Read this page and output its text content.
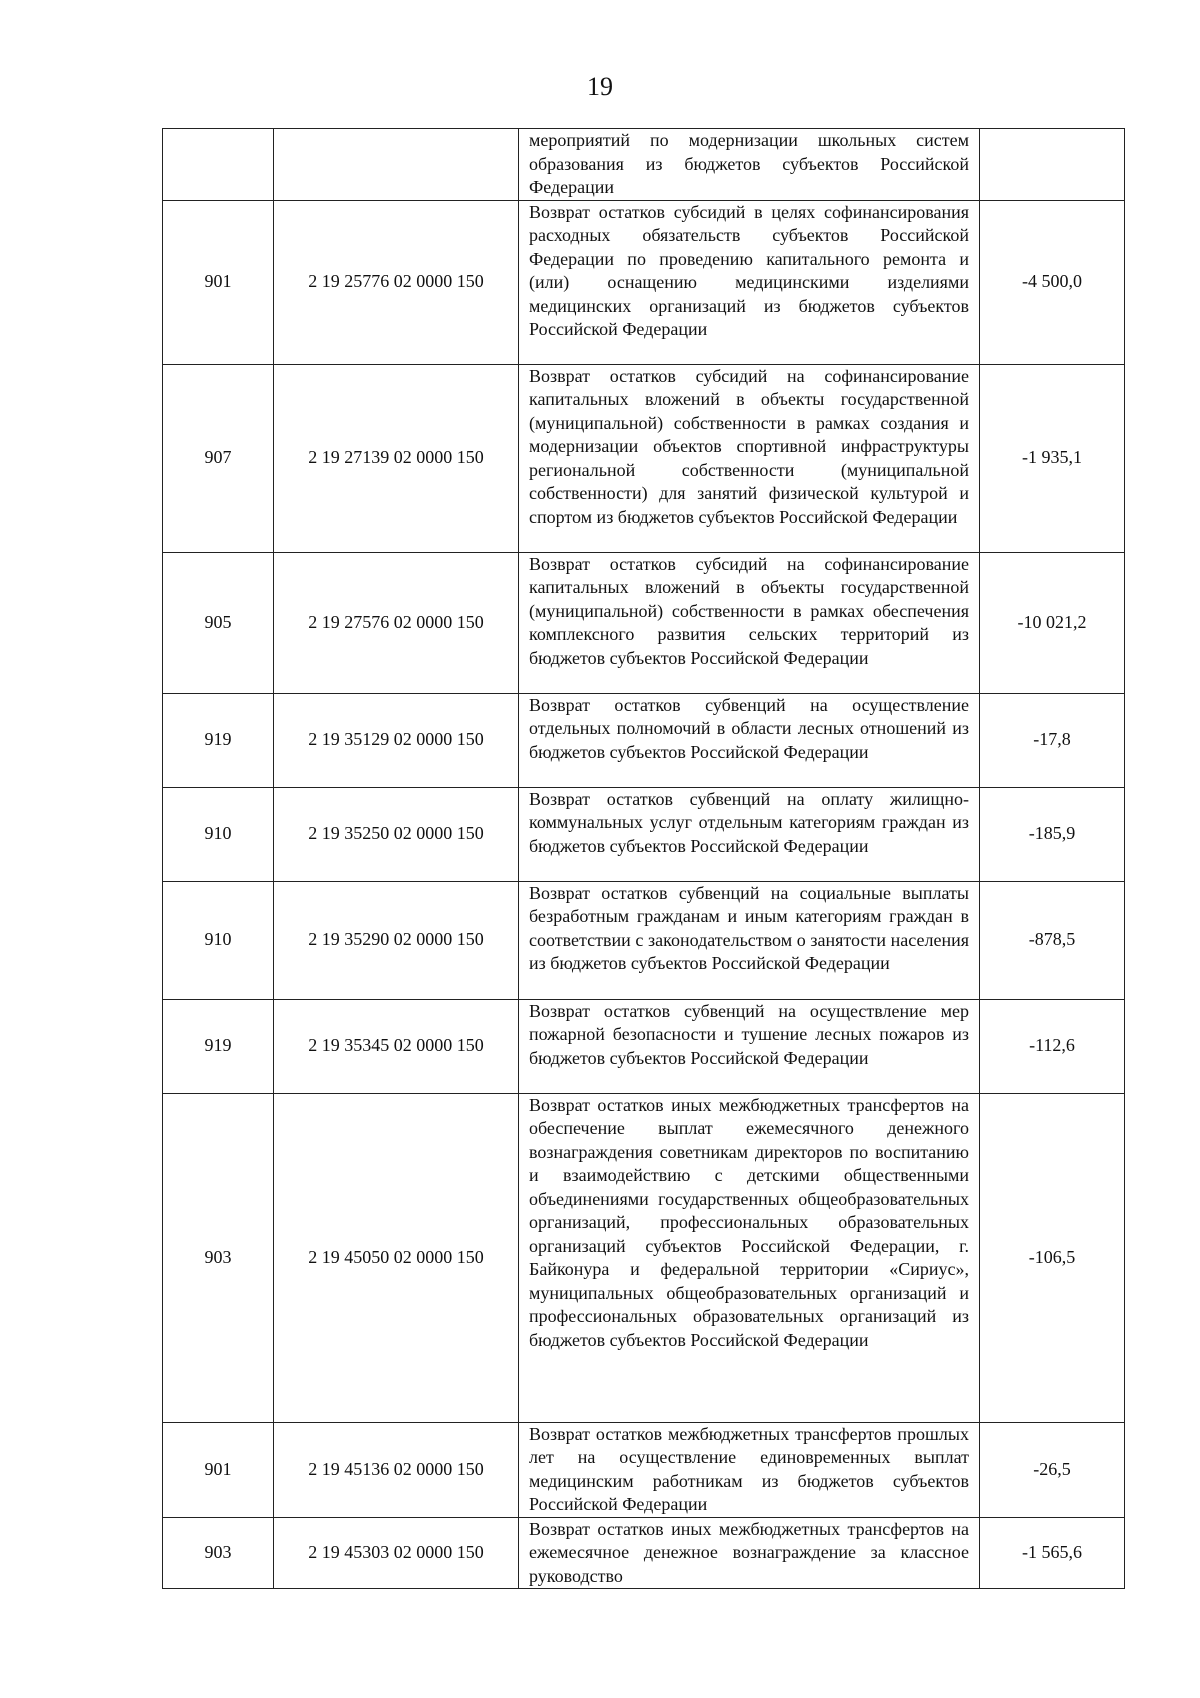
19
		мероприятий по модернизации школьных систем образования из бюджетов субъектов Российской Федерации	
901	2 19 25776 02 0000 150	Возврат остатков субсидий в целях софинансирования расходных обязательств субъектов Российской Федерации по проведению капитального ремонта и (или) оснащению медицинскими изделиями медицинских организаций из бюджетов субъектов Российской Федерации	-4 500,0
907	2 19 27139 02 0000 150	Возврат остатков субсидий на софинансирование капитальных вложений в объекты государственной (муниципальной) собственности в рамках создания и модернизации объектов спортивной инфраструктуры региональной собственности (муниципальной собственности) для занятий физической культурой и спортом из бюджетов субъектов Российской Федерации	-1 935,1
905	2 19 27576 02 0000 150	Возврат остатков субсидий на софинансирование капитальных вложений в объекты государственной (муниципальной) собственности в рамках обеспечения комплексного развития сельских территорий из бюджетов субъектов Российской Федерации	-10 021,2
919	2 19 35129 02 0000 150	Возврат остатков субвенций на осуществление отдельных полномочий в области лесных отношений из бюджетов субъектов Российской Федерации	-17,8
910	2 19 35250 02 0000 150	Возврат остатков субвенций на оплату жилищно-коммунальных услуг отдельным категориям граждан из бюджетов субъектов Российской Федерации	-185,9
910	2 19 35290 02 0000 150	Возврат остатков субвенций на социальные выплаты безработным гражданам и иным категориям граждан в соответствии с законодательством о занятости населения из бюджетов субъектов Российской Федерации	-878,5
919	2 19 35345 02 0000 150	Возврат остатков субвенций на осуществление мер пожарной безопасности и тушение лесных пожаров из бюджетов субъектов Российской Федерации	-112,6
903	2 19 45050 02 0000 150	Возврат остатков иных межбюджетных трансфертов на обеспечение выплат ежемесячного денежного вознаграждения советникам директоров по воспитанию и взаимодействию с детскими общественными объединениями государственных общеобразовательных организаций, профессиональных образовательных организаций субъектов Российской Федерации, г. Байконура и федеральной территории «Сириус», муниципальных общеобразовательных организаций и профессиональных образовательных организаций из бюджетов субъектов Российской Федерации	-106,5
901	2 19 45136 02 0000 150	Возврат остатков межбюджетных трансфертов прошлых лет на осуществление единовременных выплат медицинским работникам из бюджетов субъектов Российской Федерации	-26,5
903	2 19 45303 02 0000 150	Возврат остатков иных межбюджетных трансфертов на ежемесячное денежное вознаграждение за классное руководство	-1 565,6
